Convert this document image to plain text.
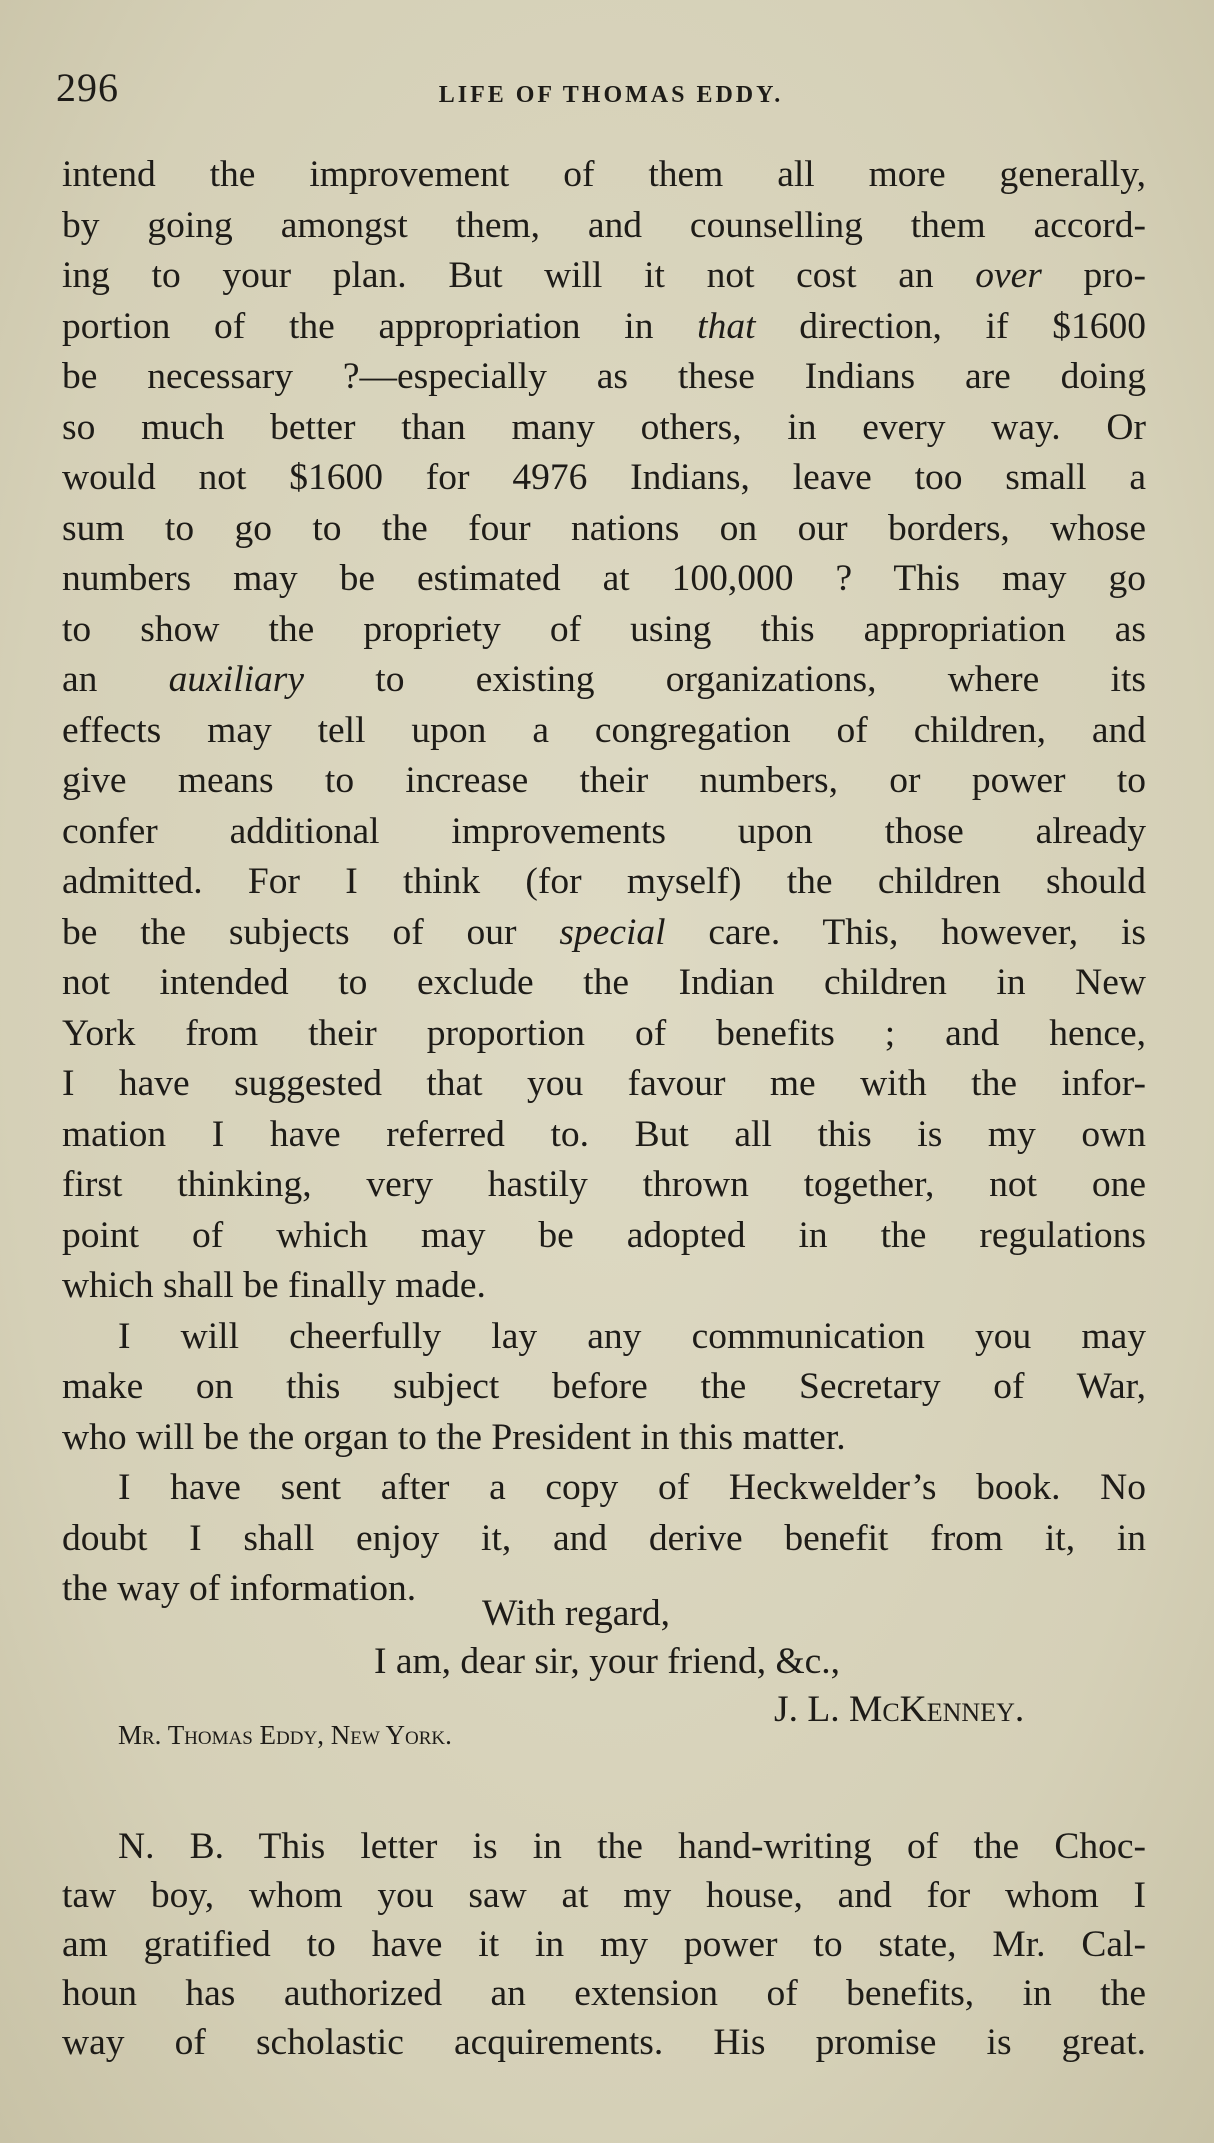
296	LIFE OF THOMAS EDDY.
intend the improvement of them all more generally,
by going amongst them, and counselling them accord-
ing to your plan. But will it not cost an over pro-
portion of the appropriation in that direction, if $1600
be necessary ?—especially as these Indians are doing
so much better than many others, in every way. Or
would not $1600 for 4976 Indians, leave too small a
sum to go to the four nations on our borders, whose
numbers may be estimated at 100,000 ? This may go
to show the propriety of using this appropriation as
an auxiliary to existing organizations, where its
effects may tell upon a congregation of children, and
give means to increase their numbers, or power to
confer additional improvements upon those already
admitted. For I think (for myself) the children should
be the subjects of our special care. This, however, is
not intended to exclude the Indian children in New
York from their proportion of benefits ; and hence,
I have suggested that you favour me with the infor-
mation I have referred to. But all this is my own
first thinking, very hastily thrown together, not one
point of which may be adopted in the regulations
which shall be finally made.
I will cheerfully lay any communication you may
make on this subject before the Secretary of War,
who will be the organ to the President in this matter.
I have sent after a copy of Heckwelder’s book. No
doubt I shall enjoy it, and derive benefit from it, in
the way of information.
With regard,
I am, dear sir, your friend, &c.,
J. L. McKenney.
Mr. Thomas Eddy, New York.
N. B. This letter is in the hand-writing of the Choc-
taw boy, whom you saw at my house, and for whom I
am gratified to have it in my power to state, Mr. Cal-
houn has authorized an extension of benefits, in the
way of scholastic acquirements. His promise is great.
